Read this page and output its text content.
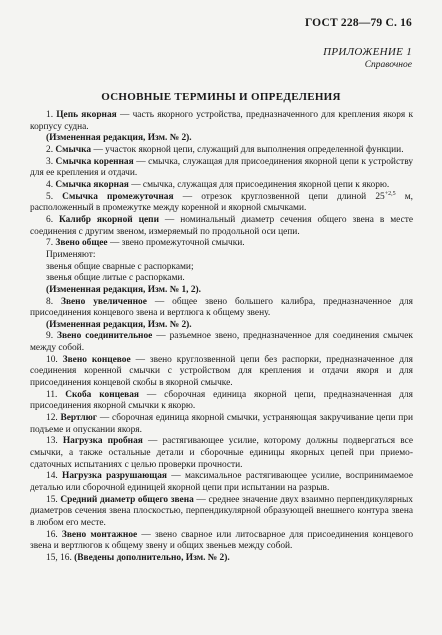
ГОСТ 228—79 С. 16
ПРИЛОЖЕНИЕ 1
Справочное
ОСНОВНЫЕ ТЕРМИНЫ И ОПРЕДЕЛЕНИЯ

1. Цепь якорная — часть якорного устройства, предназначенного для крепления якоря к корпусу судна.

(Измененная редакция, Изм. № 2).

2. Смычка — участок якорной цепи, служащий для выполнения определенной функции.

3. Смычка коренная — смычка, служащая для присоединения якорной цепи к устройству для ее крепления и отдачи.

4. Смычка якорная — смычка, служащая для присоединения якорной цепи к якорю.

5. Смычка промежуточная — отрезок круглозвенной цепи длиной $25^{+2,5}$ м, расположенный в промежутке между коренной и якорной смычками.

6. Калибр якорной цепи — номинальный диаметр сечения общего звена в месте соединения с другим звеном, измеряемый по продольной оси цепи.

7. Звено общее — звено промежуточной смычки.

Применяют:

звенья общие сварные с распорками;

звенья общие литые с распорками.

(Измененная редакция, Изм. № 1, 2).

8. Звено увеличенное — общее звено большего калибра, предназначенное для присоединения концевого звена и вертлюга к общему звену.

(Измененная редакция, Изм. № 2).

9. Звено соединительное — разъемное звено, предназначенное для соединения смычек между собой.

10. Звено концевое — звено круглозвенной цепи без распорки, предназначенное для соединения коренной смычки с устройством для крепления и отдачи якоря и для присоединения концевой скобы в якорной смычке.

11. Скоба концевая — сборочная единица якорной цепи, предназначенная для присоединения якорной смычки к якорю.

12. Вертлюг — сборочная единица якорной смычки, устраняющая закручивание цепи при подъеме и опускании якоря.

13. Нагрузка пробная — растягивающее усилие, которому должны подвергаться все смычки, а также остальные детали и сборочные единицы якорных цепей при приемо-сдаточных испытаниях с целью проверки прочности.

14. Нагрузка разрушающая — максимальное растягивающее усилие, воспринимаемое деталью или сборочной единицей якорной цепи при испытании на разрыв.

15. Средний диаметр общего звена — среднее значение двух взаимно перпендикулярных диаметров сечения звена плоскостью, перпендикулярной образующей внешнего контура звена в любом его месте.

16. Звено монтажное — звено сварное или литосварное для присоединения концевого звена и вертлюгов к общему звену и общих звеньев между собой.

15, 16. (Введены дополнительно, Изм. № 2).
